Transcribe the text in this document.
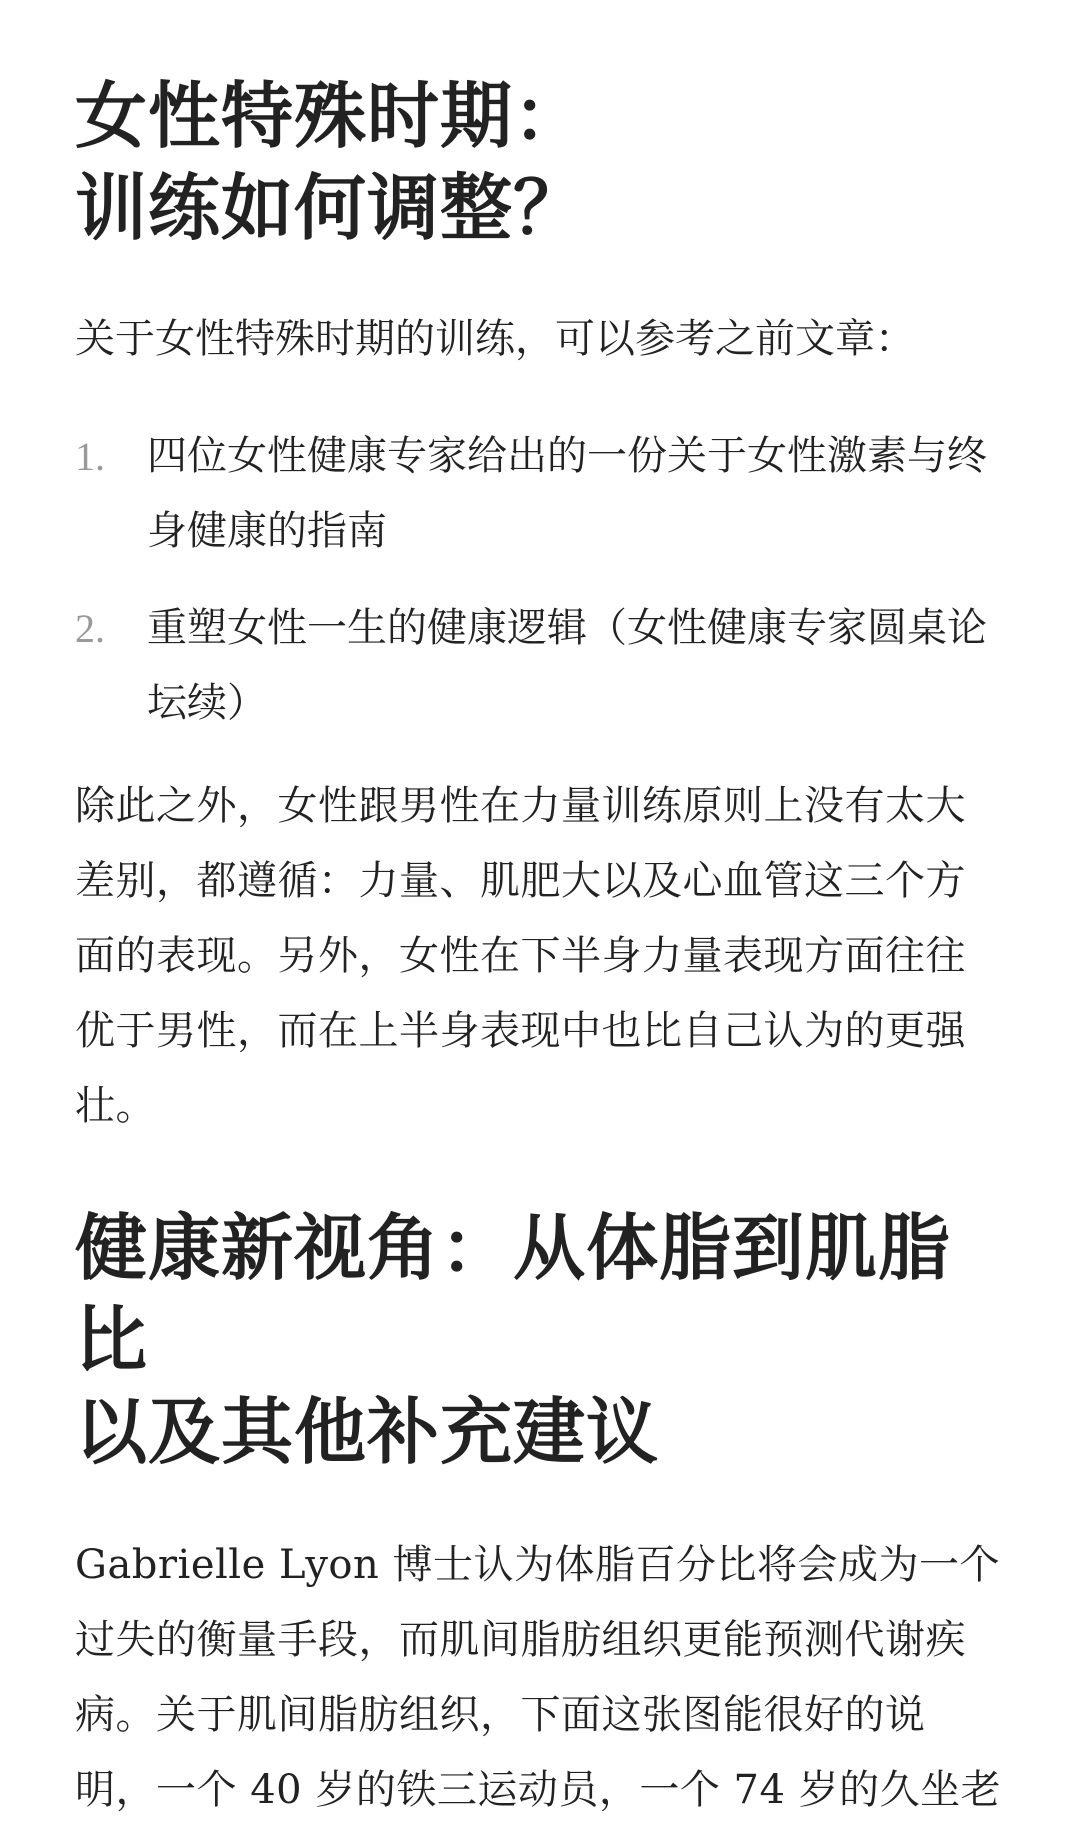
女性特殊时期：
训练如何调整？

关于女性特殊时期的训练，可以参考之前文章：

1.	四位女性健康专家给出的一份关于女性激素与终身健康的指南
2.	重塑女性一生的健康逻辑（女性健康专家圆桌论坛续）

除此之外，女性跟男性在力量训练原则上没有太大差别，都遵循：力量、肌肥大以及心血管这三个方面的表现。另外，女性在下半身力量表现方面往往优于男性，而在上半身表现中也比自己认为的更强壮。

健康新视角：从体脂到肌脂比
以及其他补充建议

Gabrielle Lyon 博士认为体脂百分比将会成为一个过失的衡量手段，而肌间脂肪组织更能预测代谢疾病。关于肌间脂肪组织，下面这张图能很好的说明，一个 40 岁的铁三运动员，一个 74 岁的久坐老
